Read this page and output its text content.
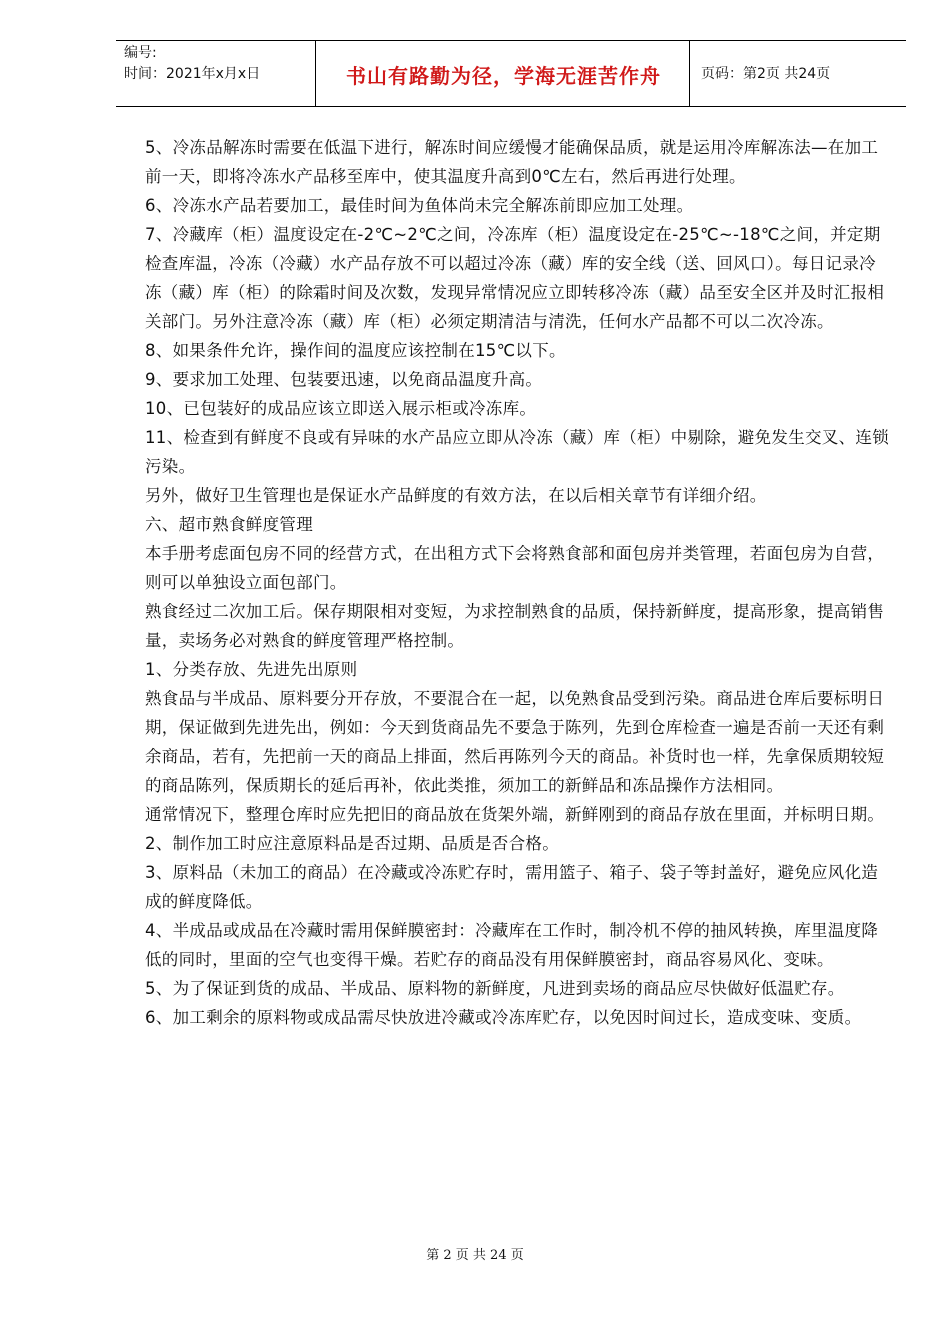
编号:
时间：2021年x月x日	书山有路勤为径，学海无涯苦作舟	页码：第2页 共24页

5、冷冻品解冻时需要在低温下进行，解冻时间应缓慢才能确保品质，就是运用冷库解冻法—在加工前一天，即将冷冻水产品移至库中，使其温度升高到0℃左右，然后再进行处理。

6、冷冻水产品若要加工，最佳时间为鱼体尚未完全解冻前即应加工处理。

7、冷藏库（柜）温度设定在-2℃~2℃之间，冷冻库（柜）温度设定在-25℃~-18℃之间，并定期检查库温，冷冻（冷藏）水产品存放不可以超过冷冻（藏）库的安全线（送、回风口）。每日记录冷冻（藏）库（柜）的除霜时间及次数，发现异常情况应立即转移冷冻（藏）品至安全区并及时汇报相关部门。另外注意冷冻（藏）库（柜）必须定期清洁与清洗，任何水产品都不可以二次冷冻。

8、如果条件允许，操作间的温度应该控制在15℃以下。

9、要求加工处理、包装要迅速，以免商品温度升高。

10、已包装好的成品应该立即送入展示柜或冷冻库。

11、检查到有鲜度不良或有异味的水产品应立即从冷冻（藏）库（柜）中剔除，避免发生交叉、连锁污染。

另外，做好卫生管理也是保证水产品鲜度的有效方法，在以后相关章节有详细介绍。

六、超市熟食鲜度管理

本手册考虑面包房不同的经营方式，在出租方式下会将熟食部和面包房并类管理，若面包房为自营，则可以单独设立面包部门。

熟食经过二次加工后。保存期限相对变短，为求控制熟食的品质，保持新鲜度，提高形象，提高销售量，卖场务必对熟食的鲜度管理严格控制。

1、分类存放、先进先出原则

熟食品与半成品、原料要分开存放，不要混合在一起，以免熟食品受到污染。商品进仓库后要标明日期，保证做到先进先出，例如：今天到货商品先不要急于陈列，先到仓库检查一遍是否前一天还有剩余商品，若有，先把前一天的商品上排面，然后再陈列今天的商品。补货时也一样，先拿保质期较短的商品陈列，保质期长的延后再补，依此类推，须加工的新鲜品和冻品操作方法相同。

通常情况下，整理仓库时应先把旧的商品放在货架外端，新鲜刚到的商品存放在里面，并标明日期。

2、制作加工时应注意原料品是否过期、品质是否合格。

3、原料品（未加工的商品）在冷藏或冷冻贮存时，需用篮子、箱子、袋子等封盖好，避免应风化造成的鲜度降低。

4、半成品或成品在冷藏时需用保鲜膜密封：冷藏库在工作时，制冷机不停的抽风转换，库里温度降低的同时，里面的空气也变得干燥。若贮存的商品没有用保鲜膜密封，商品容易风化、变味。

5、为了保证到货的成品、半成品、原料物的新鲜度，凡进到卖场的商品应尽快做好低温贮存。

6、加工剩余的原料物或成品需尽快放进冷藏或冷冻库贮存，以免因时间过长，造成变味、变质。

第 2 页 共 24 页
